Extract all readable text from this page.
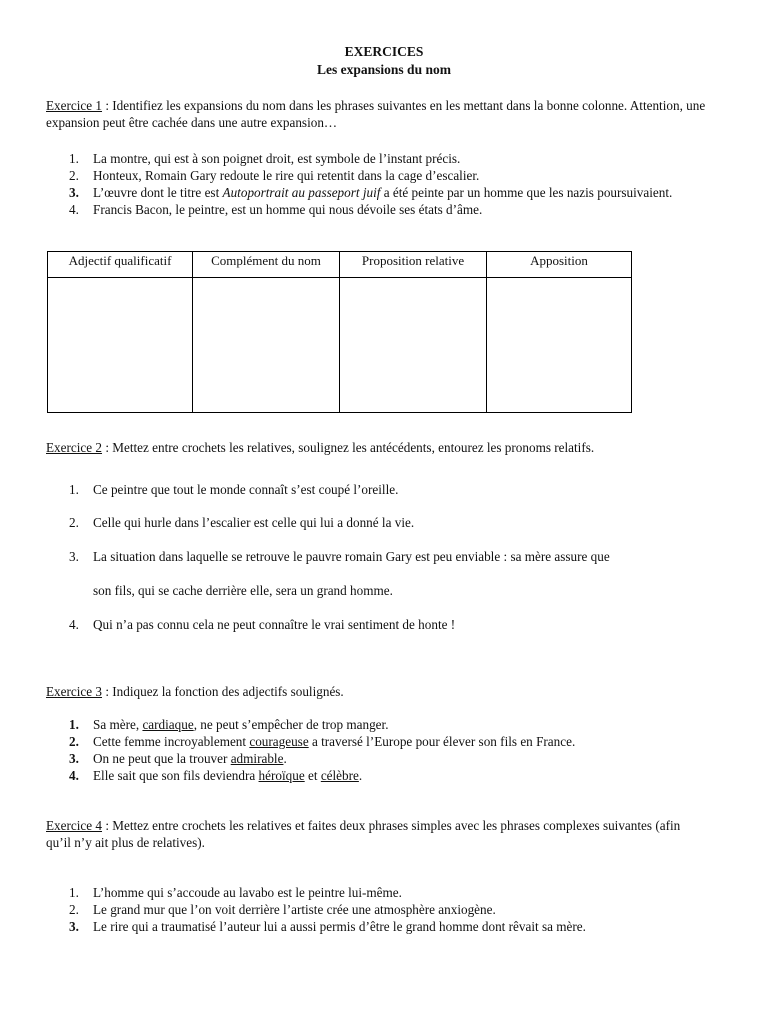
EXERCICES
Les expansions du nom
Exercice 1 : Identifiez les expansions du nom dans les phrases suivantes en les mettant dans la bonne colonne. Attention, une expansion peut être cachée dans une autre expansion…
1.	La montre, qui est à son poignet droit, est symbole de l’instant précis.
2.	Honteux, Romain Gary redoute le rire qui retentit dans la cage d’escalier.
3.	L’œuvre dont le titre est Autoportrait au passeport juif a été peinte par un homme que les nazis poursuivaient.
4.	Francis Bacon, le peintre, est un homme qui nous dévoile ses états d’âme.
Adjectif qualificatif	Complément du nom	Proposition relative	Apposition

Exercice 2 : Mettez entre crochets les relatives, soulignez les antécédents, entourez les pronoms relatifs.
1.	Ce peintre que tout le monde connaît s’est coupé l’oreille.
2.	Celle qui hurle dans l’escalier est celle qui lui a donné la vie.
3.	La situation dans laquelle se retrouve le pauvre romain Gary est peu enviable : sa mère assure que
son fils, qui se cache derrière elle, sera un grand homme.
4.	Qui n’a pas connu cela ne peut connaître le vrai sentiment de honte !
Exercice 3 : Indiquez la fonction des adjectifs soulignés.
1.	Sa mère, cardiaque, ne peut s’empêcher de trop manger.
2.	Cette femme incroyablement courageuse a traversé l’Europe pour élever son fils en France.
3.	On ne peut que la trouver admirable.
4.	Elle sait que son fils deviendra héroïque et célèbre.
Exercice 4 : Mettez entre crochets les relatives et faites deux phrases simples avec les phrases complexes suivantes (afin qu’il n’y ait plus de relatives).
1.	L’homme qui s’accoude au lavabo est le peintre lui-même.
2.	Le grand mur que l’on voit derrière l’artiste crée une atmosphère anxiogène.
3.	Le rire qui a traumatisé l’auteur lui a aussi permis d’être le grand homme dont rêvait sa mère.
